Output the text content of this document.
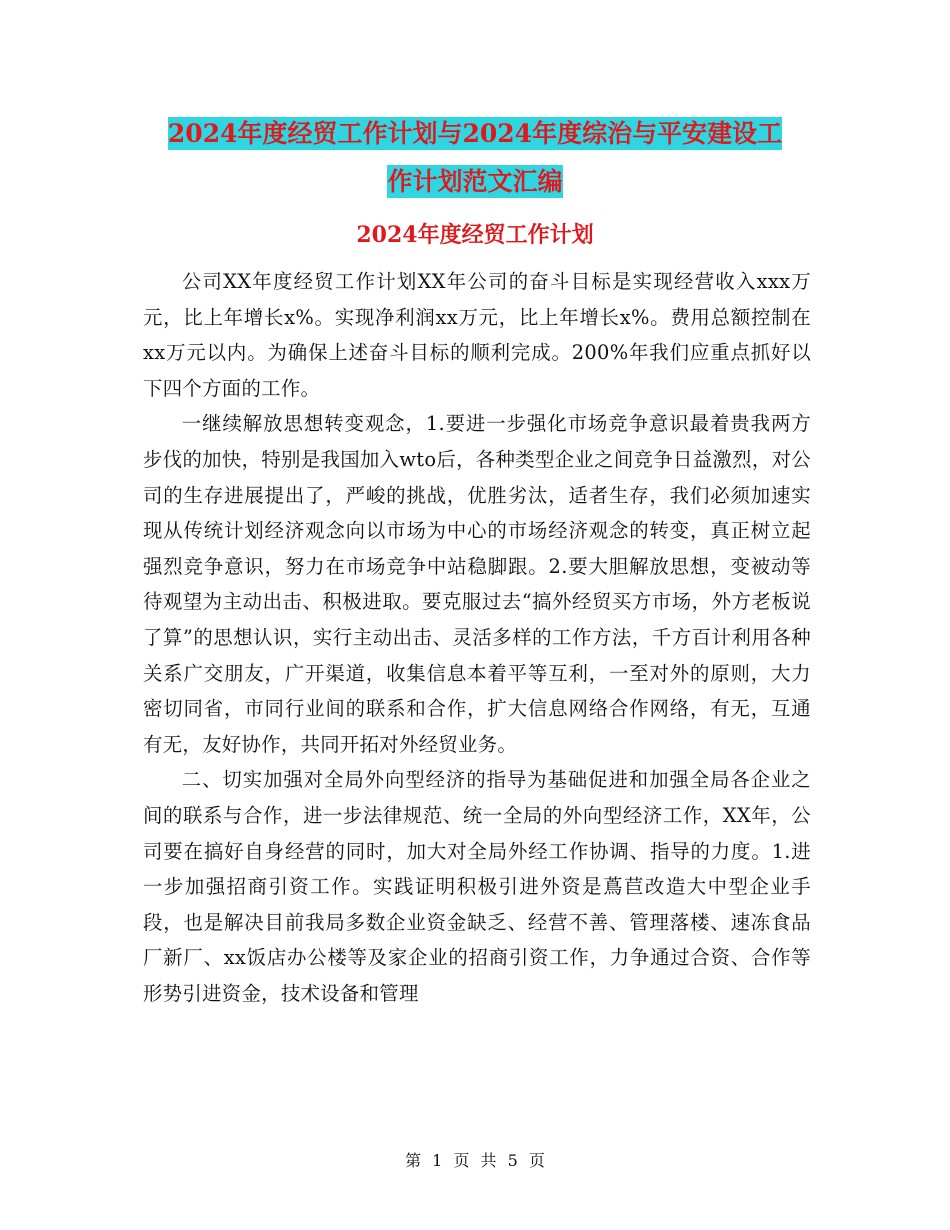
2024年度经贸工作计划与2024年度综治与平安建设工
作计划范文汇编
2024年度经贸工作计划

公司XX年度经贸工作计划XX年公司的奋斗目标是实现经营收入xxx万元，比上年增长x%。实现净利润xx万元，比上年增长x%。费用总额控制在xx万元以内。为确保上述奋斗目标的顺利完成。200%年我们应重点抓好以下四个方面的工作。

一继续解放思想转变观念，1.要进一步强化市场竞争意识最着贵我两方步伐的加快，特别是我国加入wto后，各种类型企业之间竞争日益激烈，对公司的生存进展提出了，严峻的挑战，优胜劣汰，适者生存，我们必须加速实现从传统计划经济观念向以市场为中心的市场经济观念的转变，真正树立起强烈竞争意识，努力在市场竞争中站稳脚跟。2.要大胆解放思想，变被动等待观望为主动出击、积极进取。要克服过去“搞外经贸买方市场，外方老板说了算”的思想认识，实行主动出击、灵活多样的工作方法，千方百计利用各种关系广交朋友，广开渠道，收集信息本着平等互利，一至对外的原则，大力密切同省，市同行业间的联系和合作，扩大信息网络合作网络，有无，互通有无，友好协作，共同开拓对外经贸业务。

二、切实加强对全局外向型经济的指导为基础促进和加强全局各企业之间的联系与合作，进一步法律规范、统一全局的外向型经济工作，XX年，公司要在搞好自身经营的同时，加大对全局外经工作协调、指导的力度。1.进一步加强招商引资工作。实践证明积极引进外资是蔦苣改造大中型企业手段，也是解决目前我局多数企业资金缺乏、经营不善、管理落楼、速冻食品厂新厂、xx饭店办公楼等及家企业的招商引资工作，力争通过合资、合作等形势引进资金，技术设备和管理

第 1 页 共 5 页
